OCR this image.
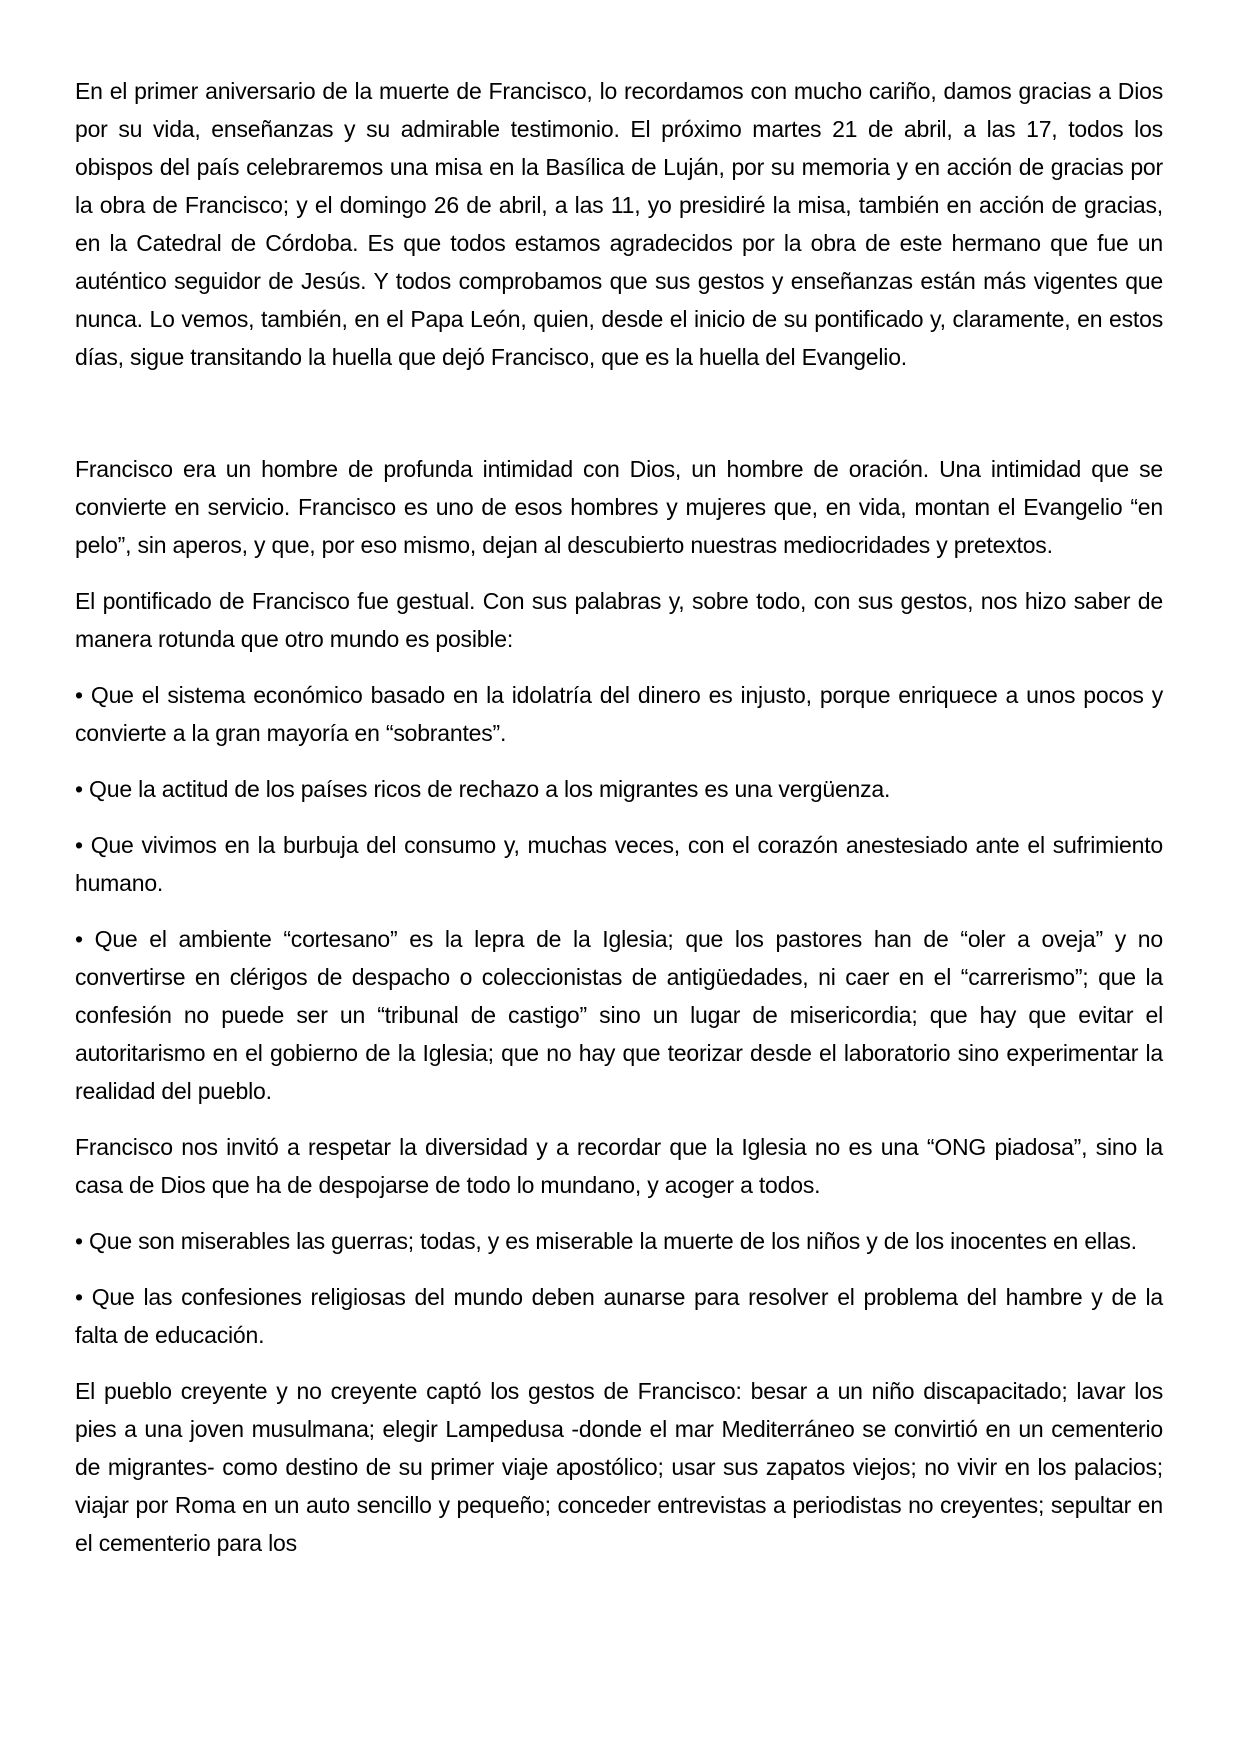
En el primer aniversario de la muerte de Francisco, lo recordamos con mucho cariño, damos gracias a Dios por su vida, enseñanzas y su admirable testimonio. El próximo martes 21 de abril, a las 17, todos los obispos del país celebraremos una misa en la Basílica de Luján, por su memoria y en acción de gracias por la obra de Francisco; y el domingo 26 de abril, a las 11, yo presidiré la misa, también en acción de gracias, en la Catedral de Córdoba. Es que todos estamos agradecidos por la obra de este hermano que fue un auténtico seguidor de Jesús. Y todos comprobamos que sus gestos y enseñanzas están más vigentes que nunca. Lo vemos, también, en el Papa León, quien, desde el inicio de su pontificado y, claramente, en estos días, sigue transitando la huella que dejó Francisco, que es la huella del Evangelio.

Francisco era un hombre de profunda intimidad con Dios, un hombre de oración. Una intimidad que se convierte en servicio. Francisco es uno de esos hombres y mujeres que, en vida, montan el Evangelio “en pelo”, sin aperos, y que, por eso mismo, dejan al descubierto nuestras mediocridades y pretextos.

El pontificado de Francisco fue gestual. Con sus palabras y, sobre todo, con sus gestos, nos hizo saber de manera rotunda que otro mundo es posible:

• Que el sistema económico basado en la idolatría del dinero es injusto, porque enriquece a unos pocos y convierte a la gran mayoría en “sobrantes”.

• Que la actitud de los países ricos de rechazo a los migrantes es una vergüenza.

• Que vivimos en la burbuja del consumo y, muchas veces, con el corazón anestesiado ante el sufrimiento humano.

• Que el ambiente “cortesano” es la lepra de la Iglesia; que los pastores han de “oler a oveja” y no convertirse en clérigos de despacho o coleccionistas de antigüedades, ni caer en el “carrerismo”; que la confesión no puede ser un “tribunal de castigo” sino un lugar de misericordia; que hay que evitar el autoritarismo en el gobierno de la Iglesia; que no hay que teorizar desde el laboratorio sino experimentar la realidad del pueblo.

Francisco nos invitó a respetar la diversidad y a recordar que la Iglesia no es una “ONG piadosa”, sino la casa de Dios que ha de despojarse de todo lo mundano, y acoger a todos.

• Que son miserables las guerras; todas, y es miserable la muerte de los niños y de los inocentes en ellas.

• Que las confesiones religiosas del mundo deben aunarse para resolver el problema del hambre y de la falta de educación.

El pueblo creyente y no creyente captó los gestos de Francisco: besar a un niño discapacitado; lavar los pies a una joven musulmana; elegir Lampedusa -donde el mar Mediterráneo se convirtió en un cementerio de migrantes- como destino de su primer viaje apostólico; usar sus zapatos viejos; no vivir en los palacios; viajar por Roma en un auto sencillo y pequeño; conceder entrevistas a periodistas no creyentes; sepultar en el cementerio para los
